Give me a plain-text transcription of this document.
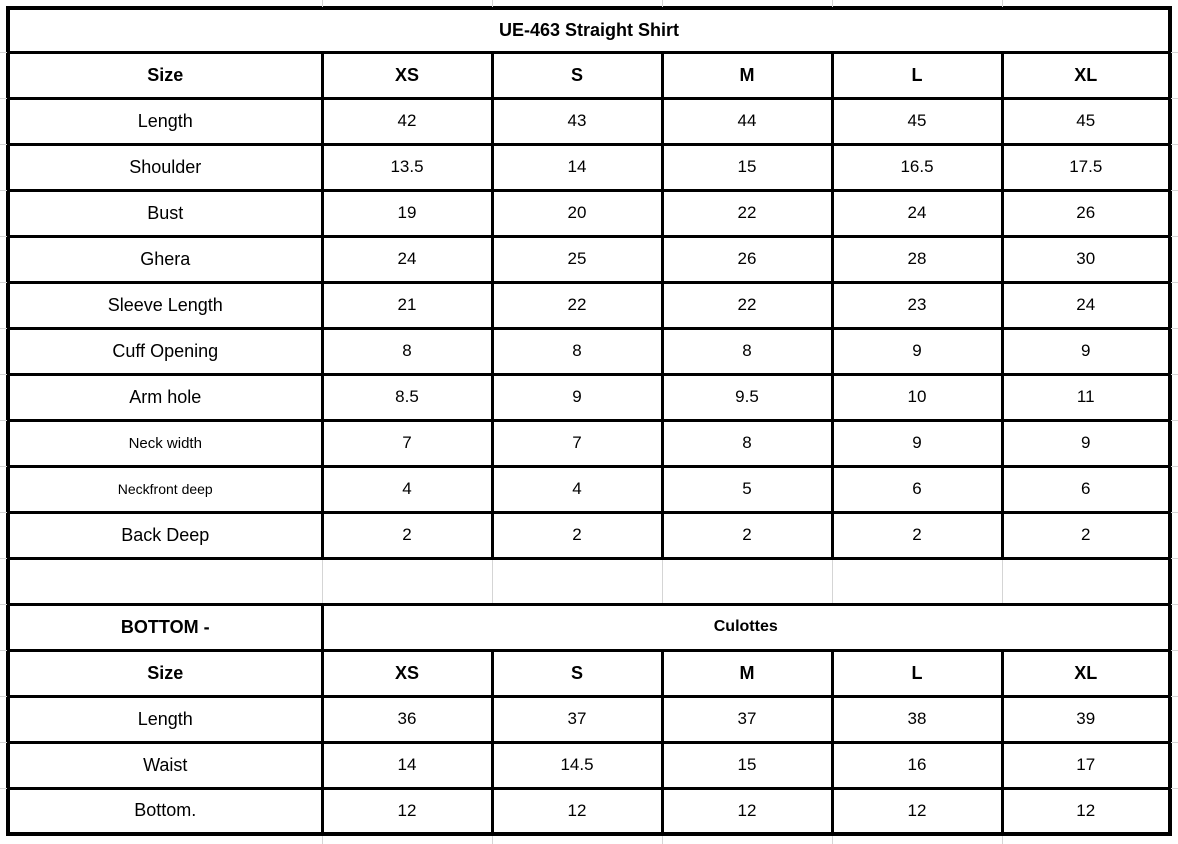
UE-463 Straight Shirt					
Size	XS	S	M	L	XL
Length	42	43	44	45	45
Shoulder	13.5	14	15	16.5	17.5
Bust	19	20	22	24	26
Ghera	24	25	26	28	30
Sleeve Length	21	22	22	23	24
Cuff Opening	8	8	8	9	9
Arm hole	8.5	9	9.5	10	11
Neck width	7	7	8	9	9
Neckfront deep	4	4	5	6	6
Back Deep	2	2	2	2	2

BOTTOM -	Culottes				
Size	XS	S	M	L	XL
Length	36	37	37	38	39
Waist	14	14.5	15	16	17
Bottom.	12	12	12	12	12
